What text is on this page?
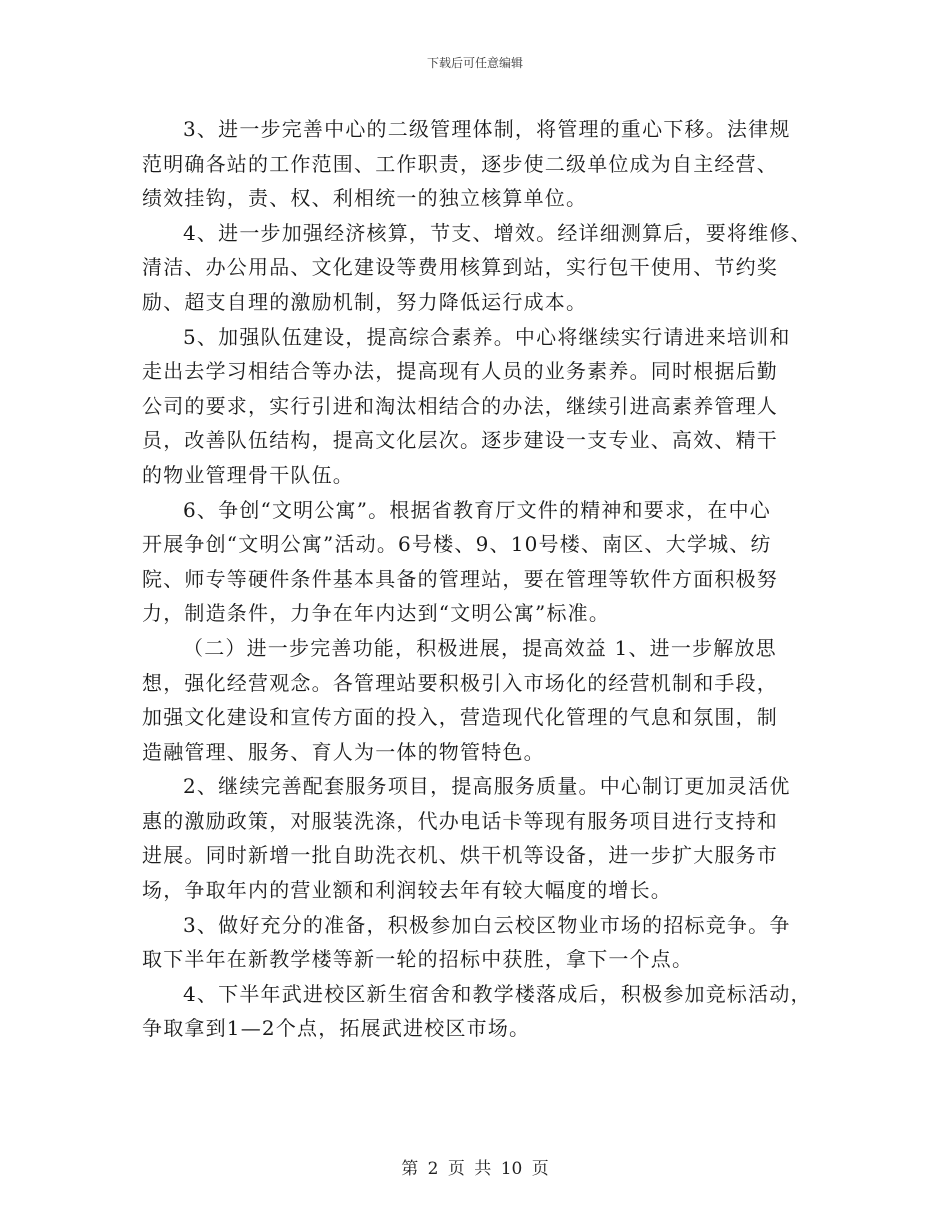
下载后可任意编辑
3、进一步完善中心的二级管理体制，将管理的重心下移。法律规
范明确各站的工作范围、工作职责，逐步使二级单位成为自主经营、
绩效挂钩，责、权、利相统一的独立核算单位。
4、进一步加强经济核算，节支、增效。经详细测算后，要将维修、
清洁、办公用品、文化建设等费用核算到站，实行包干使用、节约奖
励、超支自理的激励机制，努力降低运行成本。
5、加强队伍建设，提高综合素养。中心将继续实行请进来培训和
走出去学习相结合等办法，提高现有人员的业务素养。同时根据后勤
公司的要求，实行引进和淘汰相结合的办法，继续引进高素养管理人
员，改善队伍结构，提高文化层次。逐步建设一支专业、高效、精干
的物业管理骨干队伍。
6、争创“文明公寓”。根据省教育厅文件的精神和要求，在中心
开展争创“文明公寓”活动。6号楼、9、10号楼、南区、大学城、纺
院、师专等硬件条件基本具备的管理站，要在管理等软件方面积极努
力，制造条件，力争在年内达到“文明公寓”标准。
（二）进一步完善功能，积极进展，提高效益 1、进一步解放思
想，强化经营观念。各管理站要积极引入市场化的经营机制和手段，
加强文化建设和宣传方面的投入，营造现代化管理的气息和氛围，制
造融管理、服务、育人为一体的物管特色。
2、继续完善配套服务项目，提高服务质量。中心制订更加灵活优
惠的激励政策，对服装洗涤，代办电话卡等现有服务项目进行支持和
进展。同时新增一批自助洗衣机、烘干机等设备，进一步扩大服务市
场，争取年内的营业额和利润较去年有较大幅度的增长。
3、做好充分的准备，积极参加白云校区物业市场的招标竞争。争
取下半年在新教学楼等新一轮的招标中获胜，拿下一个点。
4、下半年武进校区新生宿舍和教学楼落成后，积极参加竞标活动，
争取拿到1—2个点，拓展武进校区市场。
第 2 页 共 10 页
